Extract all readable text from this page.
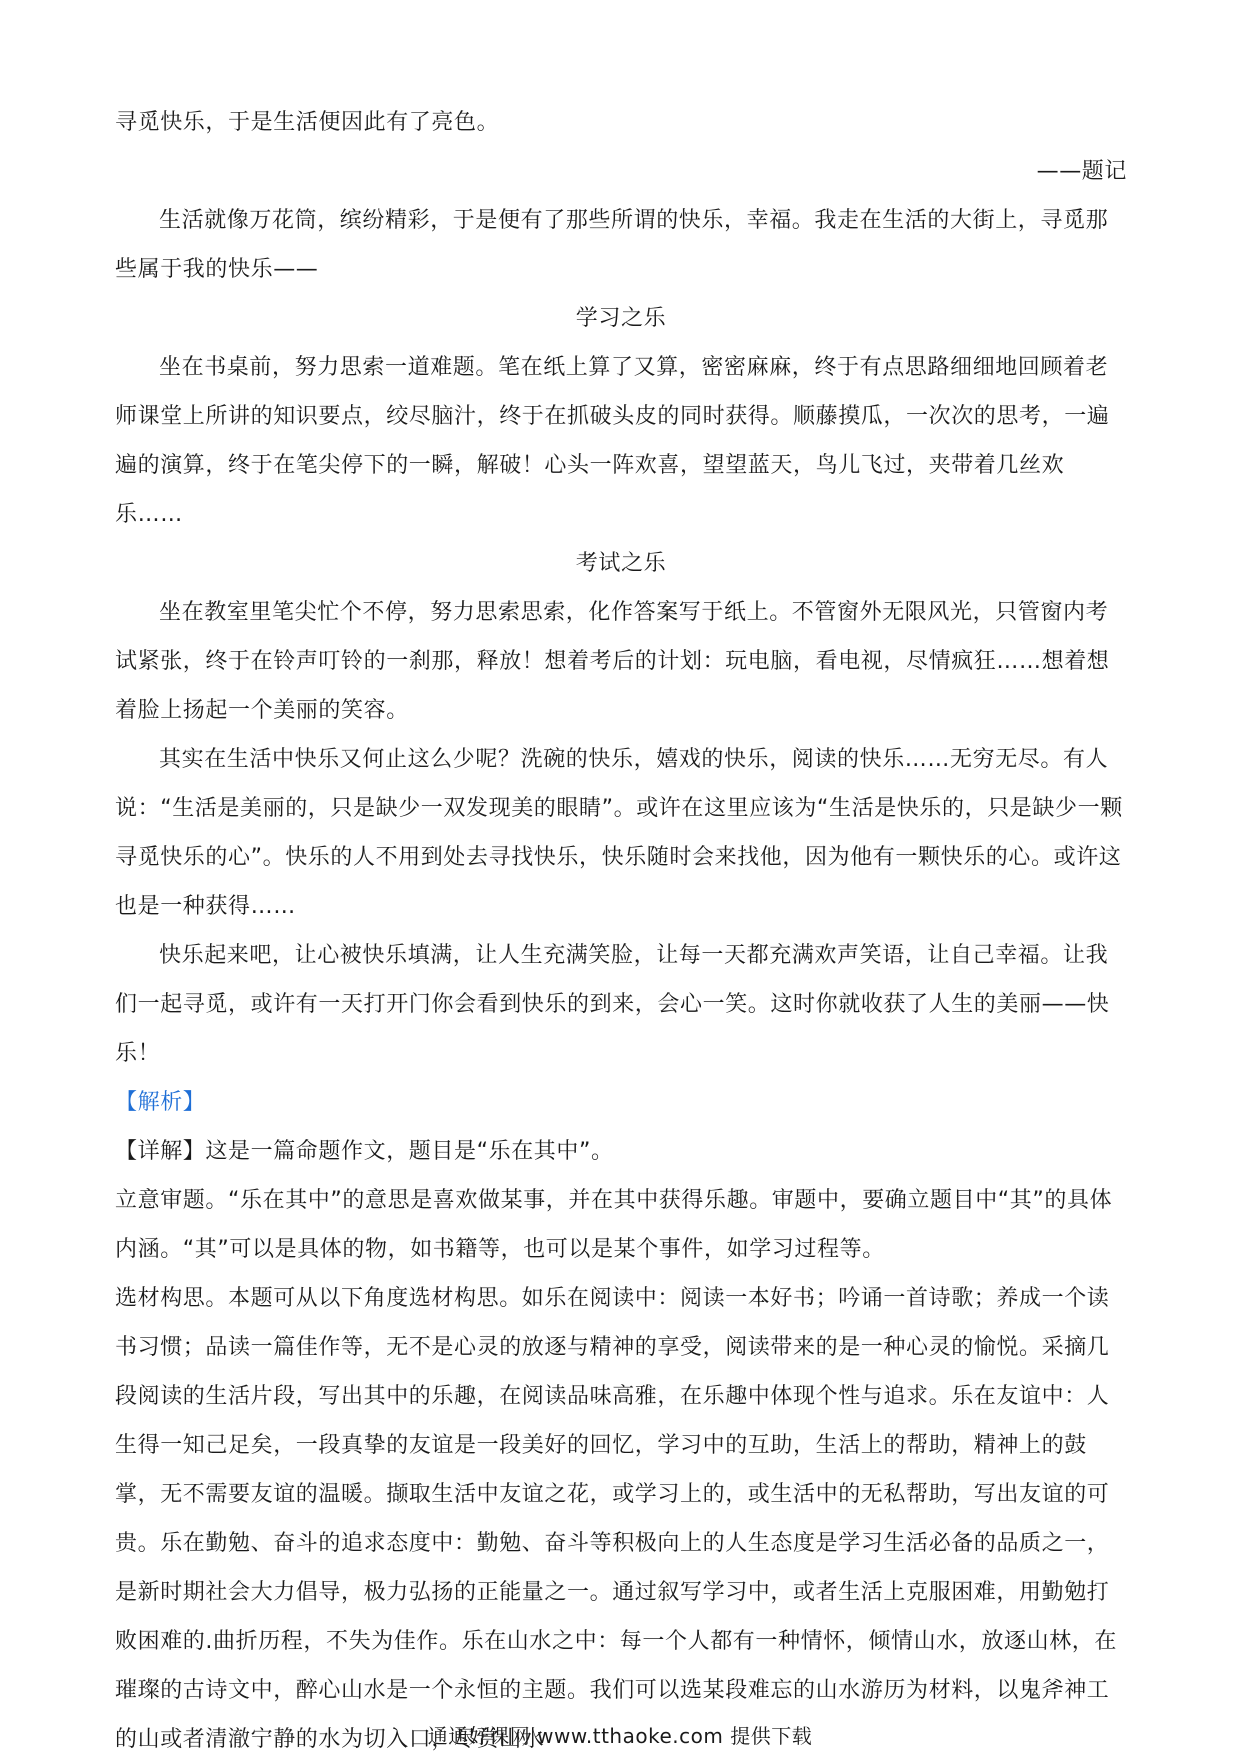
寻觅快乐，于是生活便因此有了亮色。

——题记

生活就像万花筒，缤纷精彩，于是便有了那些所谓的快乐，幸福。我走在生活的大街上，寻觅那些属于我的快乐——

学习之乐

坐在书桌前，努力思索一道难题。笔在纸上算了又算，密密麻麻，终于有点思路细细地回顾着老师课堂上所讲的知识要点，绞尽脑汁，终于在抓破头皮的同时获得。顺藤摸瓜，一次次的思考，一遍遍的演算，终于在笔尖停下的一瞬，解破！心头一阵欢喜，望望蓝天，鸟儿飞过，夹带着几丝欢乐……

考试之乐

坐在教室里笔尖忙个不停，努力思索思索，化作答案写于纸上。不管窗外无限风光，只管窗内考试紧张，终于在铃声叮铃的一刹那，释放！想着考后的计划：玩电脑，看电视，尽情疯狂……想着想着脸上扬起一个美丽的笑容。

其实在生活中快乐又何止这么少呢？洗碗的快乐，嬉戏的快乐，阅读的快乐……无穷无尽。有人说：“生活是美丽的，只是缺少一双发现美的眼睛”。或许在这里应该为“生活是快乐的，只是缺少一颗寻觅快乐的心”。快乐的人不用到处去寻找快乐，快乐随时会来找他，因为他有一颗快乐的心。或许这也是一种获得……

快乐起来吧，让心被快乐填满，让人生充满笑脸，让每一天都充满欢声笑语，让自己幸福。让我们一起寻觅，或许有一天打开门你会看到快乐的到来，会心一笑。这时你就收获了人生的美丽——快乐！

【解析】

【详解】这是一篇命题作文，题目是“乐在其中”。

立意审题。“乐在其中”的意思是喜欢做某事，并在其中获得乐趣。审题中，要确立题目中“其”的具体内涵。“其”可以是具体的物，如书籍等，也可以是某个事件，如学习过程等。

选材构思。本题可从以下角度选材构思。如乐在阅读中：阅读一本好书；吟诵一首诗歌；养成一个读书习惯；品读一篇佳作等，无不是心灵的放逐与精神的享受，阅读带来的是一种心灵的愉悦。采摘几段阅读的生活片段，写出其中的乐趣，在阅读品味高雅，在乐趣中体现个性与追求。乐在友谊中：人生得一知己足矣，一段真挚的友谊是一段美好的回忆，学习中的互助，生活上的帮助，精神上的鼓掌，无不需要友谊的温暖。撷取生活中友谊之花，或学习上的，或生活中的无私帮助，写出友谊的可贵。乐在勤勉、奋斗的追求态度中：勤勉、奋斗等积极向上的人生态度是学习生活必备的品质之一，是新时期社会大力倡导，极力弘扬的正能量之一。通过叙写学习中，或者生活上克服困难，用勤勉打败困难的.曲折历程，不失为佳作。乐在山水之中：每一个人都有一种情怀，倾情山水，放逐山林，在璀璨的古诗文中，醉心山水是一个永恒的主题。我们可以选某段难忘的山水游历为材料，以鬼斧神工的山或者清澈宁静的水为切入口，尽赏山水

通通好课网 www.tthaoke.com 提供下载
